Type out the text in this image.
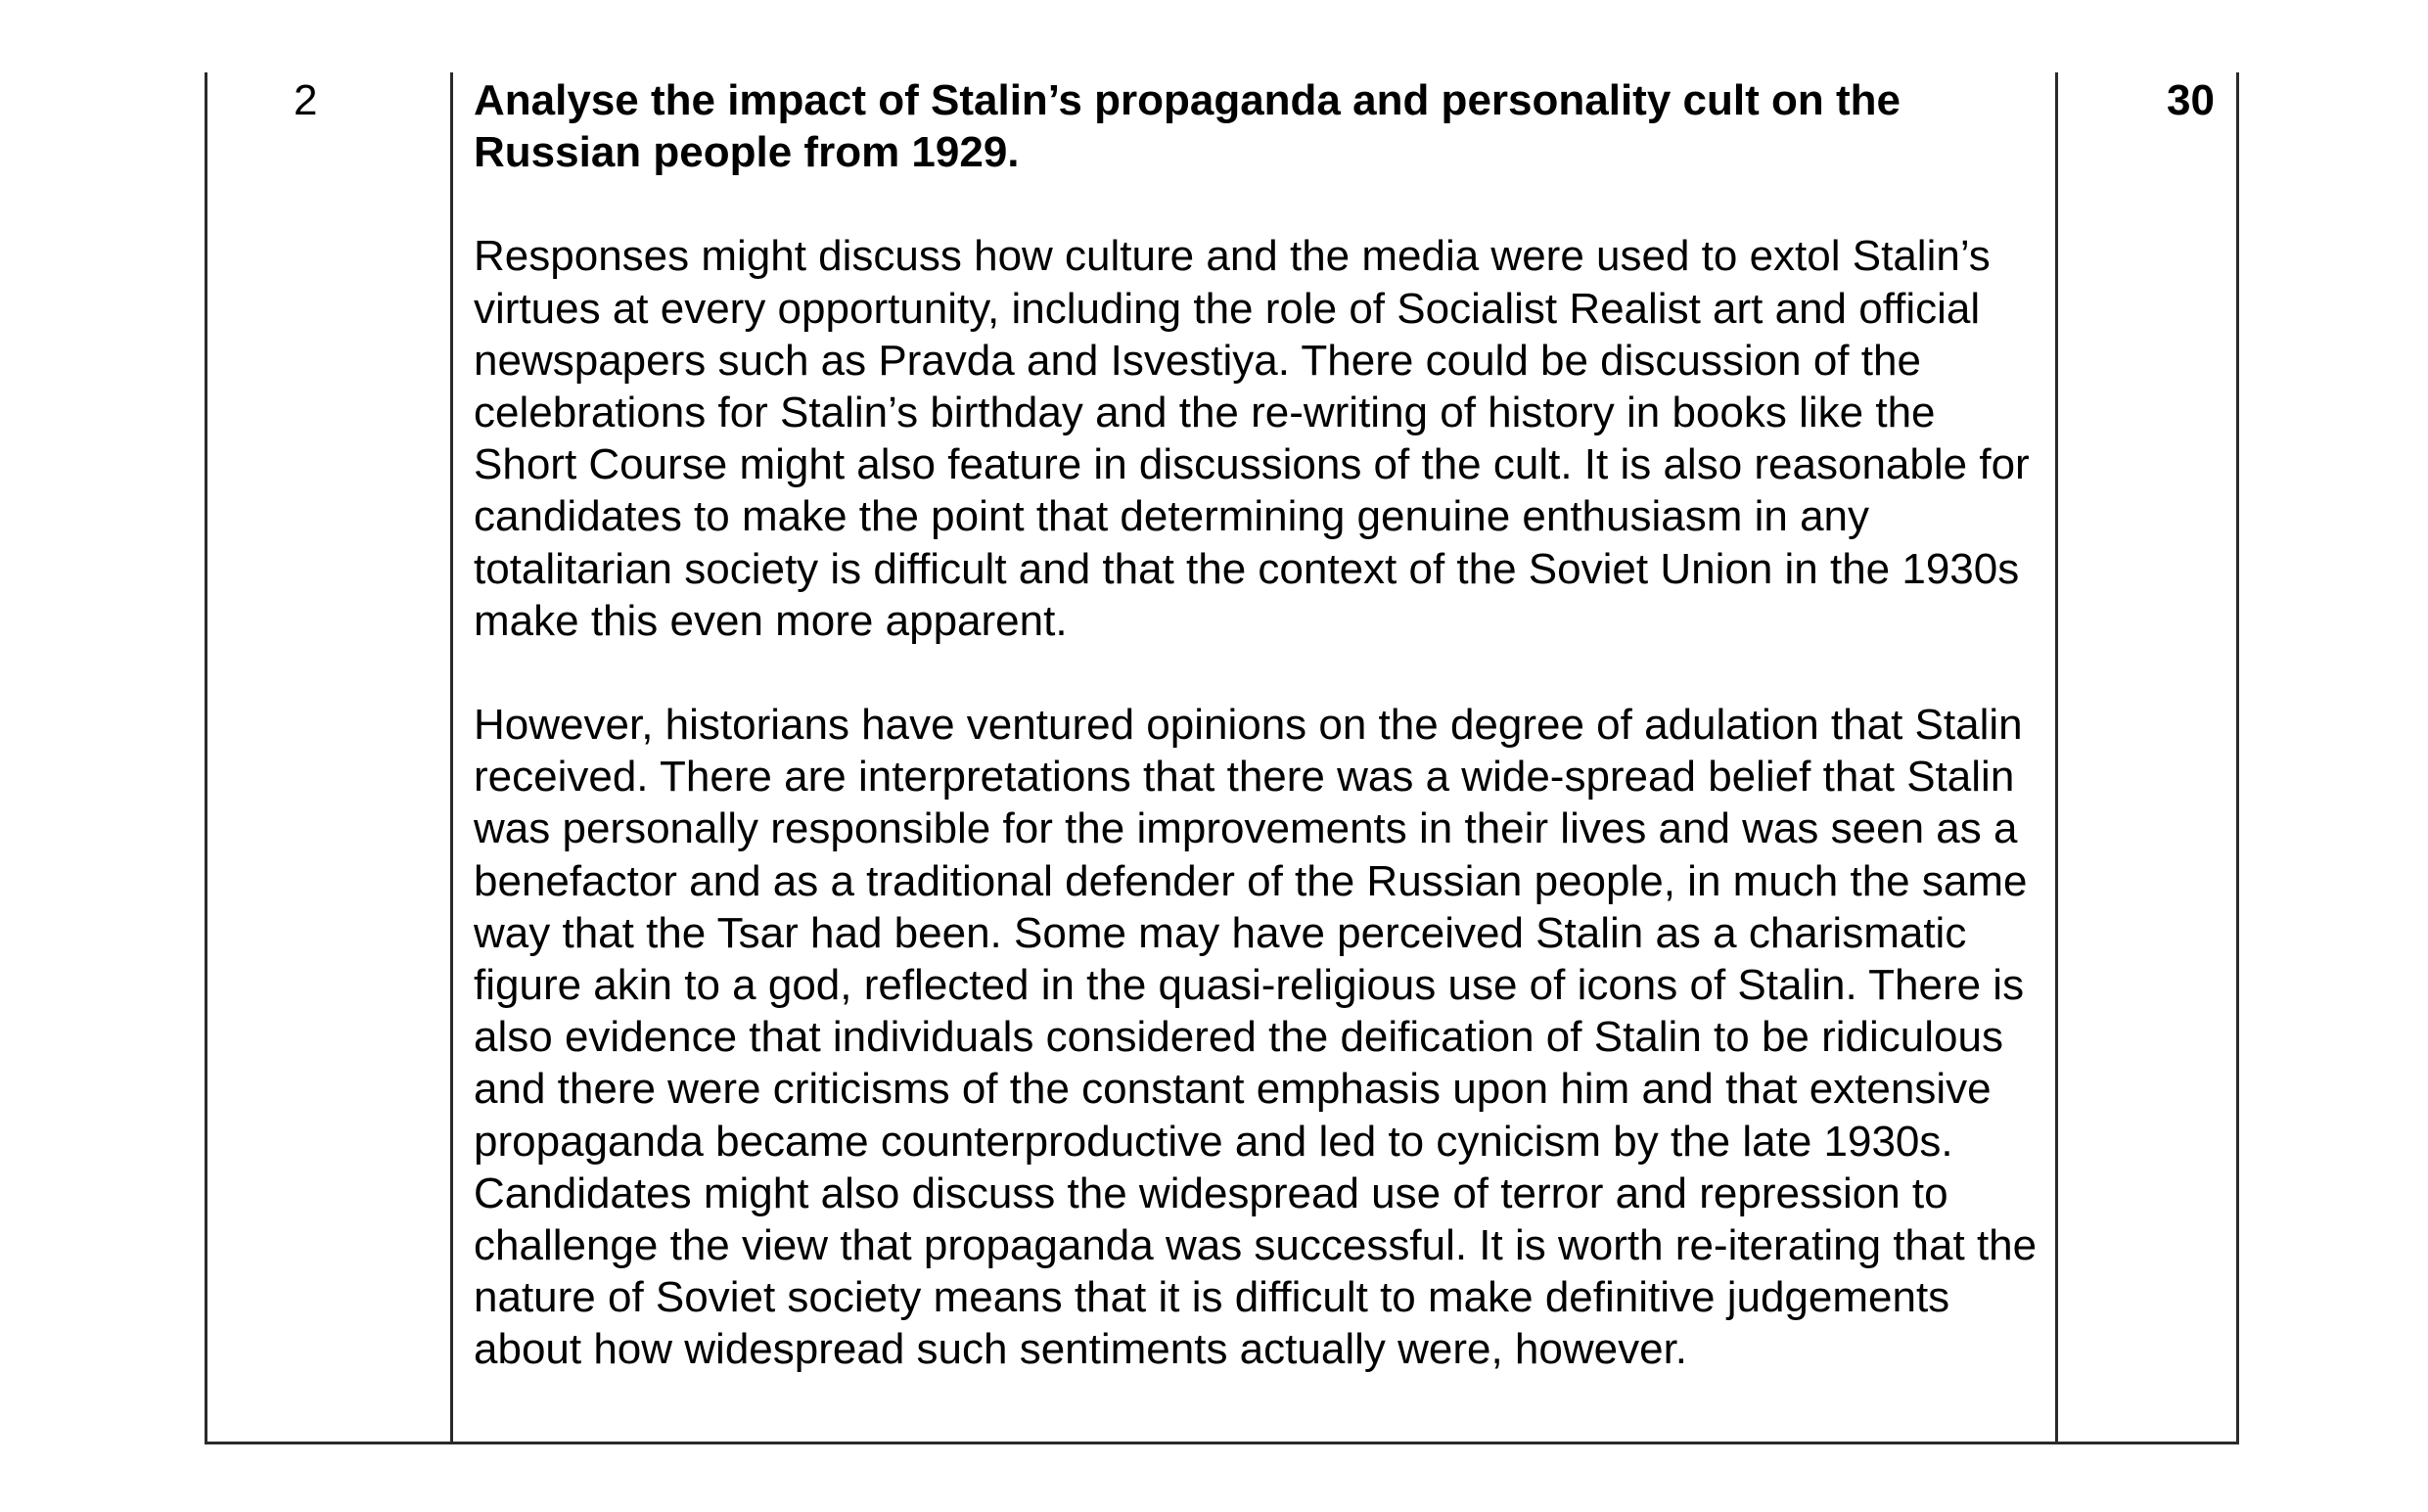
2	Analyse the impact of Stalin’s propaganda and personality cult on the Russian people from 1929.

Responses might discuss how culture and the media were used to extol Stalin’s virtues at every opportunity, including the role of Socialist Realist art and official newspapers such as Pravda and Isvestiya. There could be discussion of the celebrations for Stalin’s birthday and the re-writing of history in books like the Short Course might also feature in discussions of the cult. It is also reasonable for candidates to make the point that determining genuine enthusiasm in any totalitarian society is difficult and that the context of the Soviet Union in the 1930s make this even more apparent.

However, historians have ventured opinions on the degree of adulation that Stalin received. There are interpretations that there was a wide-spread belief that Stalin was personally responsible for the improvements in their lives and was seen as a benefactor and as a traditional defender of the Russian people, in much the same way that the Tsar had been. Some may have perceived Stalin as a charismatic figure akin to a god, reflected in the quasi-religious use of icons of Stalin. There is also evidence that individuals considered the deification of Stalin to be ridiculous and there were criticisms of the constant emphasis upon him and that extensive propaganda became counterproductive and led to cynicism by the late 1930s. Candidates might also discuss the widespread use of terror and repression to challenge the view that propaganda was successful. It is worth re-iterating that the nature of Soviet society means that it is difficult to make definitive judgements about how widespread such sentiments actually were, however.

30
